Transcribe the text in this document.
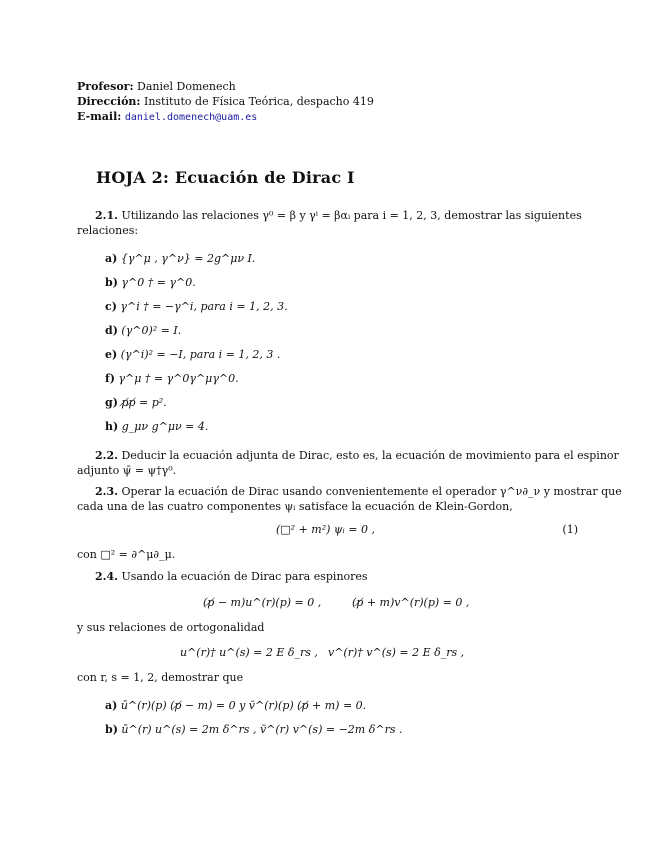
Profesor: Daniel Domenech
Dirección: Instituto de Física Teórica, despacho 419
E-mail: daniel.domenech@uam.es
HOJA 2: Ecuación de Dirac I
2.1. Utilizando las relaciones γ⁰ = β y γⁱ = βαᵢ para i = 1, 2, 3, demostrar las siguientes
relaciones:
a) {γ^μ , γ^ν} = 2g^μν I.
b) γ^0 † = γ^0.
c) γ^i † = −γ^i, para i = 1, 2, 3.
d) (γ^0)² = I.
e) (γ^i)² = −I, para i = 1, 2, 3 .
f) γ^μ † = γ^0γ^μγ^0.
g) p̸p̸ = p².
h) g_μν g^μν = 4.
2.2. Deducir la ecuación adjunta de Dirac, esto es, la ecuación de movimiento para el espinor
adjunto ψ̄ = ψ†γ⁰.
2.3. Operar la ecuación de Dirac usando convenientemente el operador γ^ν∂_ν y mostrar que
cada una de las cuatro componentes ψᵢ satisface la ecuación de Klein-Gordon,
(□² + m²) ψᵢ = 0 ,	(1)
con □² = ∂^μ∂_μ.
2.4. Usando la ecuación de Dirac para espinores
(p̸ − m)u^(r)(p) = 0 ,	(p̸ + m)v^(r)(p) = 0 ,
y sus relaciones de ortogonalidad
u^(r)† u^(s) = 2 E δ_rs , v^(r)† v^(s) = 2 E δ_rs ,
con r, s = 1, 2, demostrar que
a) ū^(r)(p) (p̸ − m) = 0 y v̄^(r)(p) (p̸ + m) = 0.
b) ū^(r) u^(s) = 2m δ^rs , v̄^(r) v^(s) = −2m δ^rs .
